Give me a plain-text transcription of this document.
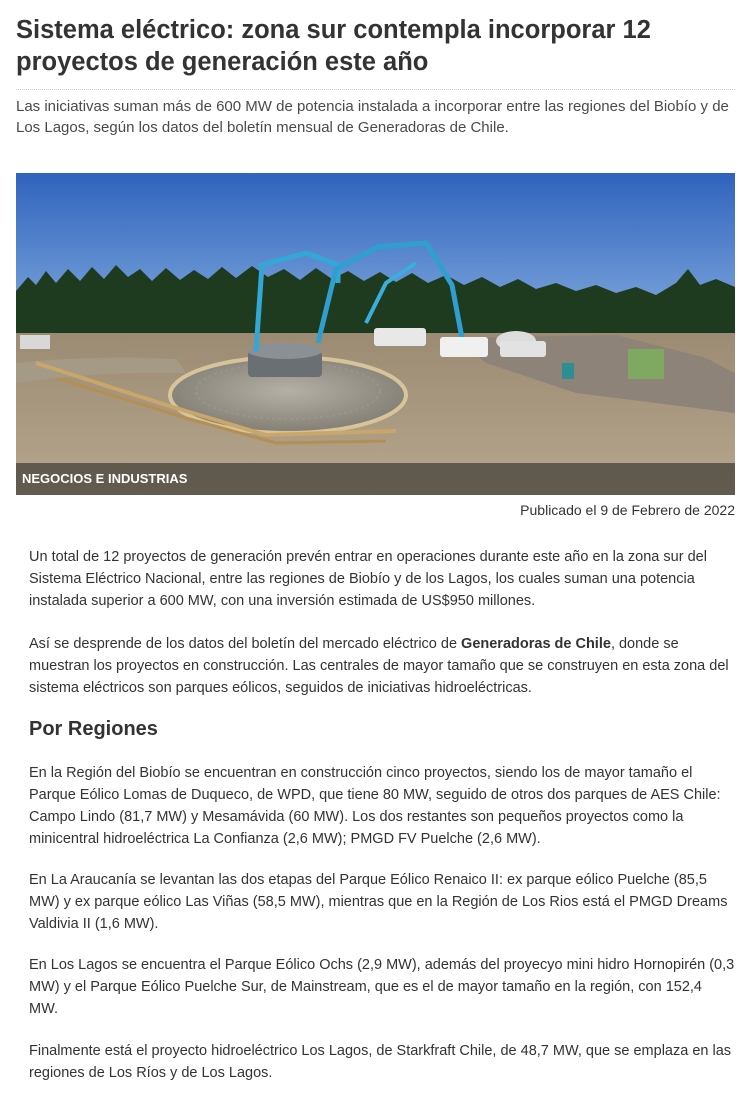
Sistema eléctrico: zona sur contempla incorporar 12 proyectos de generación este año

Las iniciativas suman más de 600 MW de potencia instalada a incorporar entre las regiones del Biobío y de Los Lagos, según los datos del boletín mensual de Generadoras de Chile.

NEGOCIOS E INDUSTRIAS

Publicado el 9 de Febrero de 2022

Un total de 12 proyectos de generación prevén entrar en operaciones durante este año en la zona sur del Sistema Eléctrico Nacional, entre las regiones de Biobío y de los Lagos, los cuales suman una potencia instalada superior a 600 MW, con una inversión estimada de US$950 millones.

Así se desprende de los datos del boletín del mercado eléctrico de Generadoras de Chile, donde se muestran los proyectos en construcción. Las centrales de mayor tamaño que se construyen en esta zona del sistema eléctricos son parques eólicos, seguidos de iniciativas hidroeléctricas.

Por Regiones

En la Región del Biobío se encuentran en construcción cinco proyectos, siendo los de mayor tamaño el Parque Eólico Lomas de Duqueco, de WPD, que tiene 80 MW, seguido de otros dos parques de AES Chile: Campo Lindo (81,7 MW) y Mesamávida (60 MW). Los dos restantes son pequeños proyectos como la minicentral hidroeléctrica La Confianza (2,6 MW); PMGD FV Puelche (2,6 MW).

En La Araucanía se levantan las dos etapas del Parque Eólico Renaico II: ex parque eólico Puelche (85,5 MW) y ex parque eólico Las Viñas (58,5 MW), mientras que en la Región de Los Rios está el PMGD Dreams Valdivia II (1,6 MW).

En Los Lagos se encuentra el Parque Eólico Ochs (2,9 MW), además del proyecyo mini hidro Hornopirén (0,3 MW) y el Parque Eólico Puelche Sur, de Mainstream, que es el de mayor tamaño en la región, con 152,4 MW.

Finalmente está el proyecto hidroeléctrico Los Lagos, de Starkfraft Chile, de 48,7 MW, que se emplaza en las regiones de Los Ríos y de Los Lagos.
